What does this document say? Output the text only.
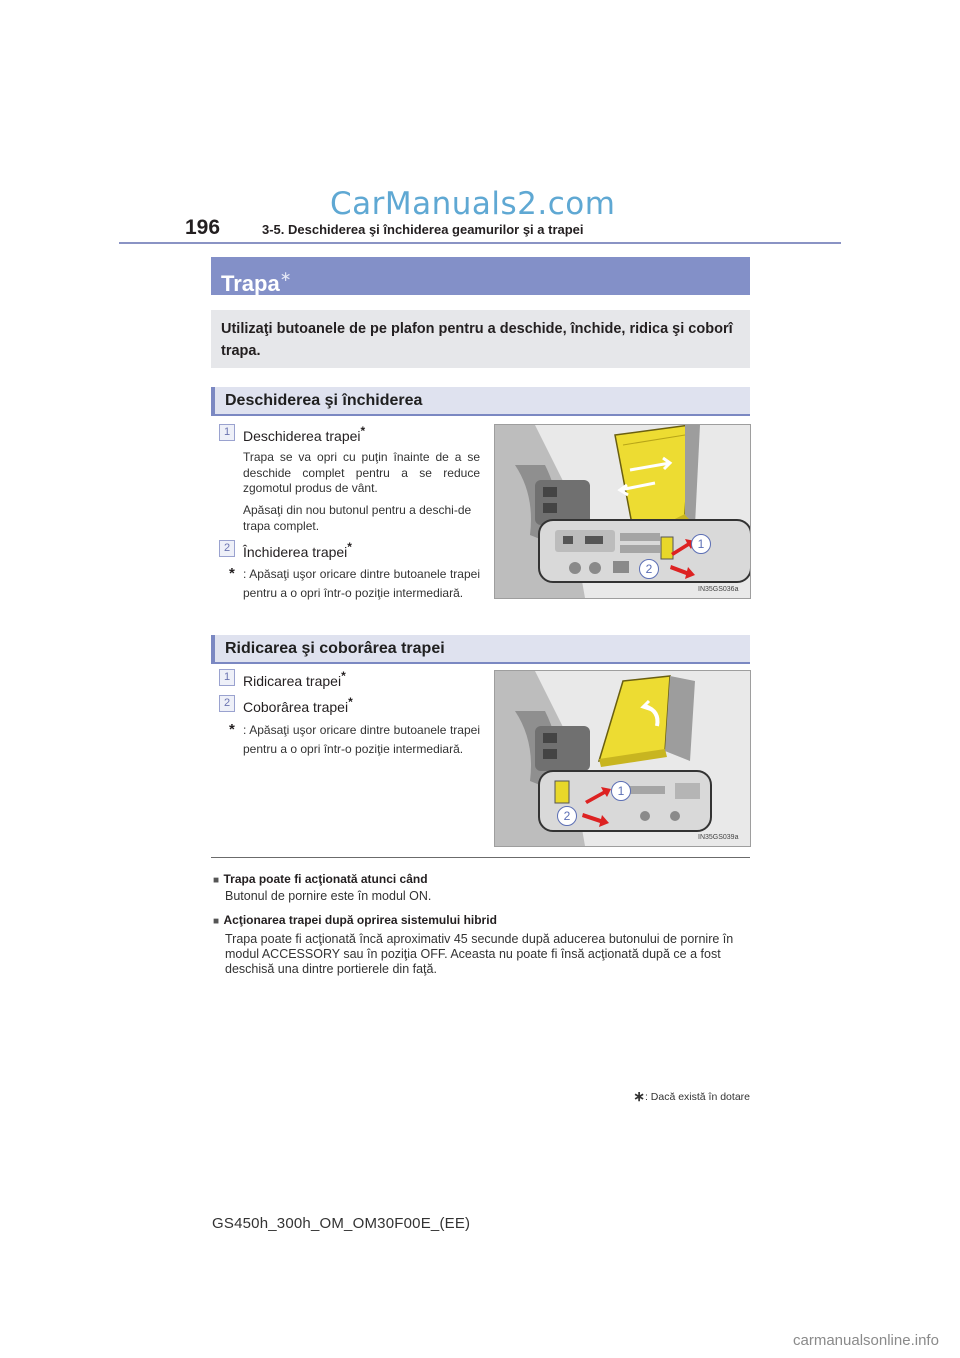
CarManuals2.com
196	3-5. Deschiderea şi închiderea geamurilor şi a trapei
Trapa∗
Utilizaţi butoanele de pe plafon pentru a deschide, închide, ridica şi coborî trapa.
Deschiderea şi închiderea
1 Deschiderea trapei*
Trapa se va opri cu puţin înainte de a se deschide complet pentru a se reduce zgomotul produs de vânt.
Apăsaţi din nou butonul pentru a deschi-de trapa complet.
2 Închiderea trapei*
* : Apăsaţi uşor oricare dintre butoanele trapei pentru a o opri într-o poziţie intermediară.
1
2
IN35GS036a
Ridicarea şi coborârea trapei
1 Ridicarea trapei*
2 Coborârea trapei*
* : Apăsaţi uşor oricare dintre butoanele trapei pentru a o opri într-o poziţie intermediară.
1
2
IN35GS039a
■ Trapa poate fi acţionată atunci când
Butonul de pornire este în modul ON.
■ Acţionarea trapei după oprirea sistemului hibrid
Trapa poate fi acţionată încă aproximativ 45 secunde după aducerea butonului de pornire în modul ACCESSORY sau în poziţia OFF. Aceasta nu poate fi însă acţionată după ce a fost deschisă una dintre portierele din faţă.
∗: Dacă există în dotare
GS450h_300h_OM_OM30F00E_(EE)
carmanualsonline.info
